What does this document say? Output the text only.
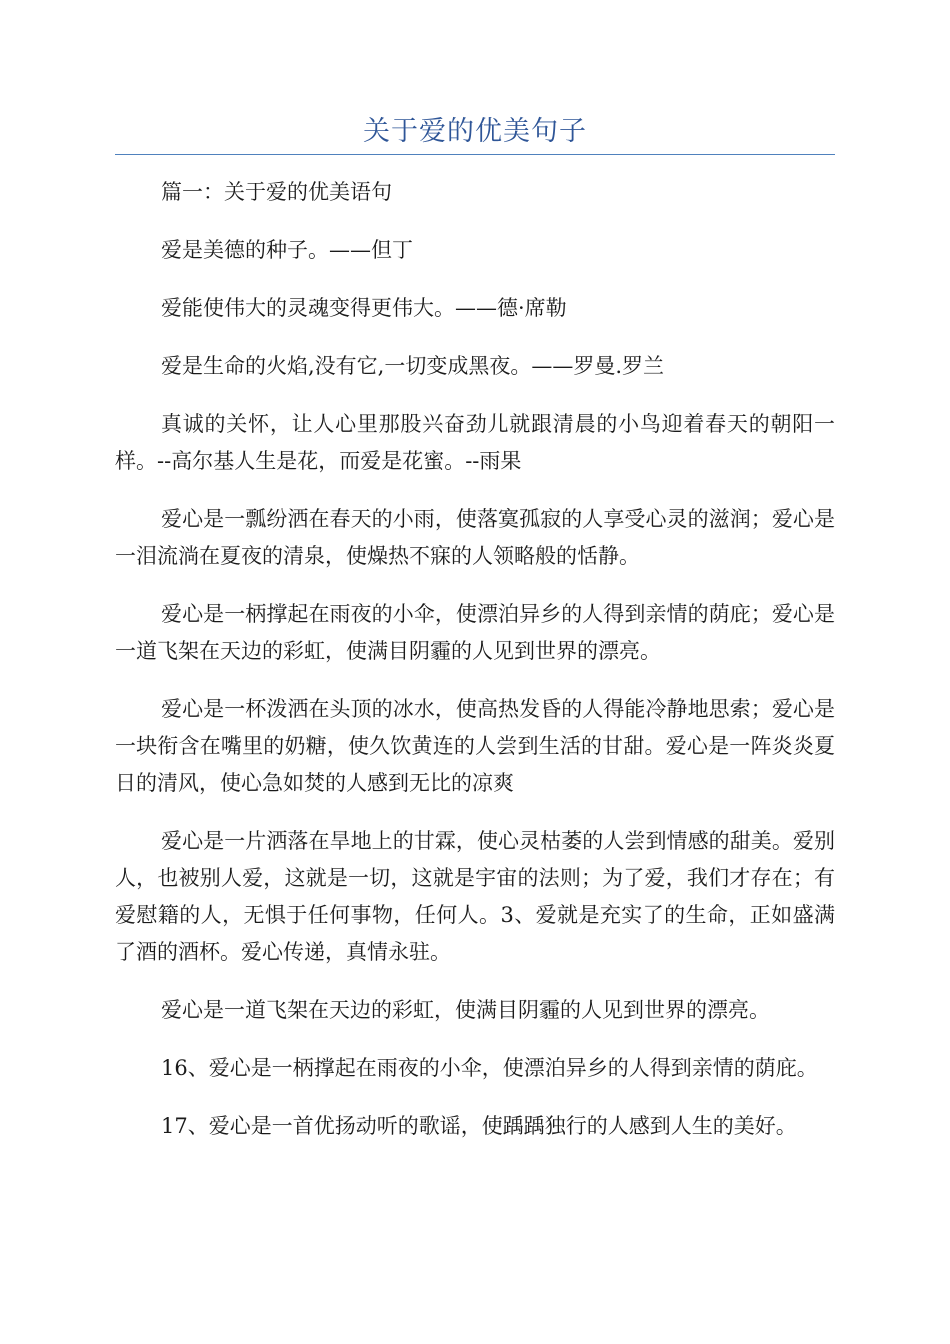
关于爱的优美句子

篇一：关于爱的优美语句

爱是美德的种子。——但丁

爱能使伟大的灵魂变得更伟大。——德·席勒

爱是生命的火焰,没有它,一切变成黑夜。——罗曼.罗兰

真诚的关怀，让人心里那股兴奋劲儿就跟清晨的小鸟迎着春天的朝阳一样。--高尔基人生是花，而爱是花蜜。--雨果

爱心是一瓢纷洒在春天的小雨，使落寞孤寂的人享受心灵的滋润；爱心是一泪流淌在夏夜的清泉，使燥热不寐的人领略般的恬静。

爱心是一柄撑起在雨夜的小伞，使漂泊异乡的人得到亲情的荫庇；爱心是一道飞架在天边的彩虹，使满目阴霾的人见到世界的漂亮。

爱心是一杯泼洒在头顶的冰水，使高热发昏的人得能冷静地思索；爱心是一块衔含在嘴里的奶糖，使久饮黄连的人尝到生活的甘甜。爱心是一阵炎炎夏日的清风，使心急如焚的人感到无比的凉爽

爱心是一片洒落在旱地上的甘霖，使心灵枯萎的人尝到情感的甜美。爱别人，也被别人爱，这就是一切，这就是宇宙的法则；为了爱，我们才存在；有爱慰籍的人，无惧于任何事物，任何人。3、爱就是充实了的生命，正如盛满了酒的酒杯。爱心传递，真情永驻。

爱心是一道飞架在天边的彩虹，使满目阴霾的人见到世界的漂亮。

16、爱心是一柄撑起在雨夜的小伞，使漂泊异乡的人得到亲情的荫庇。

17、爱心是一首优扬动听的歌谣，使踽踽独行的人感到人生的美好。
